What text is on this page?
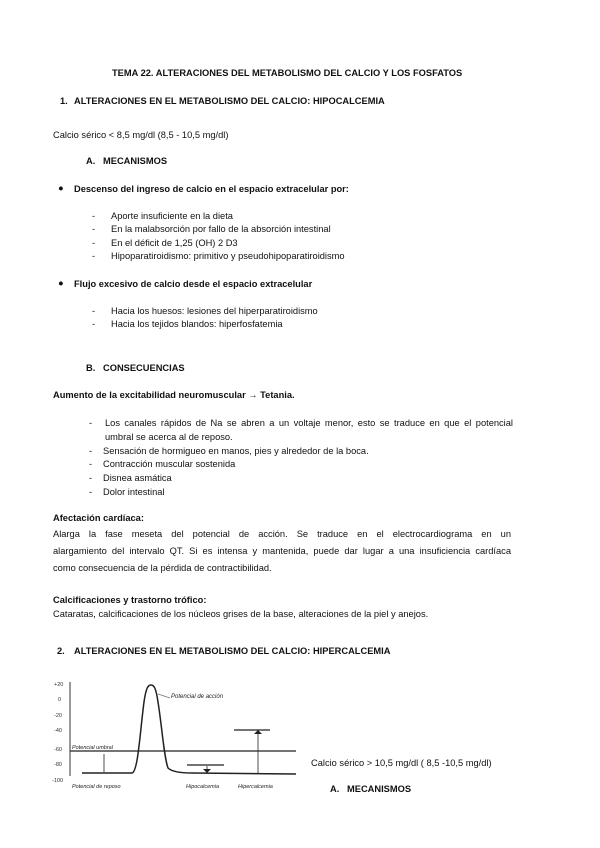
TEMA 22. ALTERACIONES DEL METABOLISMO DEL CALCIO Y LOS FOSFATOS
1. ALTERACIONES EN EL METABOLISMO DEL CALCIO: HIPOCALCEMIA
Calcio sérico < 8,5 mg/dl (8,5 - 10,5 mg/dl)
A. MECANISMOS
● Descenso del ingreso de calcio en el espacio extracelular por:
- Aporte insuficiente en la dieta
- En la malabsorción por fallo de la absorción intestinal
- En el déficit de 1,25 (OH) 2 D3
- Hipoparatiroidismo: primitivo y pseudohipoparatiroidismo
● Flujo excesivo de calcio desde el espacio extracelular
- Hacia los huesos: lesiones del hiperparatiroidismo
- Hacia los tejidos blandos: hiperfosfatemia
B. CONSECUENCIAS
Aumento de la excitabilidad neuromuscular → Tetania.
- Los canales rápidos de Na se abren a un voltaje menor, esto se traduce en que el potencial
umbral se acerca al de reposo.
- Sensación de hormigueo en manos, pies y alrededor de la boca.
- Contracción muscular sostenida
- Disnea asmática
- Dolor intestinal
Afectación cardíaca:
Alarga la fase meseta del potencial de acción. Se traduce en el electrocardiograma en un
alargamiento del intervalo QT. Si es intensa y mantenida, puede dar lugar a una insuficiencia cardíaca
como consecuencia de la pérdida de contractibilidad.
Calcificaciones y trastorno trófico:
Cataratas, calcificaciones de los núcleos grises de la base, alteraciones de la piel y anejos.
2. ALTERACIONES EN EL METABOLISMO DEL CALCIO: HIPERCALCEMIA
+20
0
-20
-40
-60
-80
-100
Potencial de acción
Potencial umbral
Potencial de reposo	Hipocalcemia	Hipercalcemia
Calcio sérico > 10,5 mg/dl ( 8,5 -10,5 mg/dl)
A. MECANISMOS
